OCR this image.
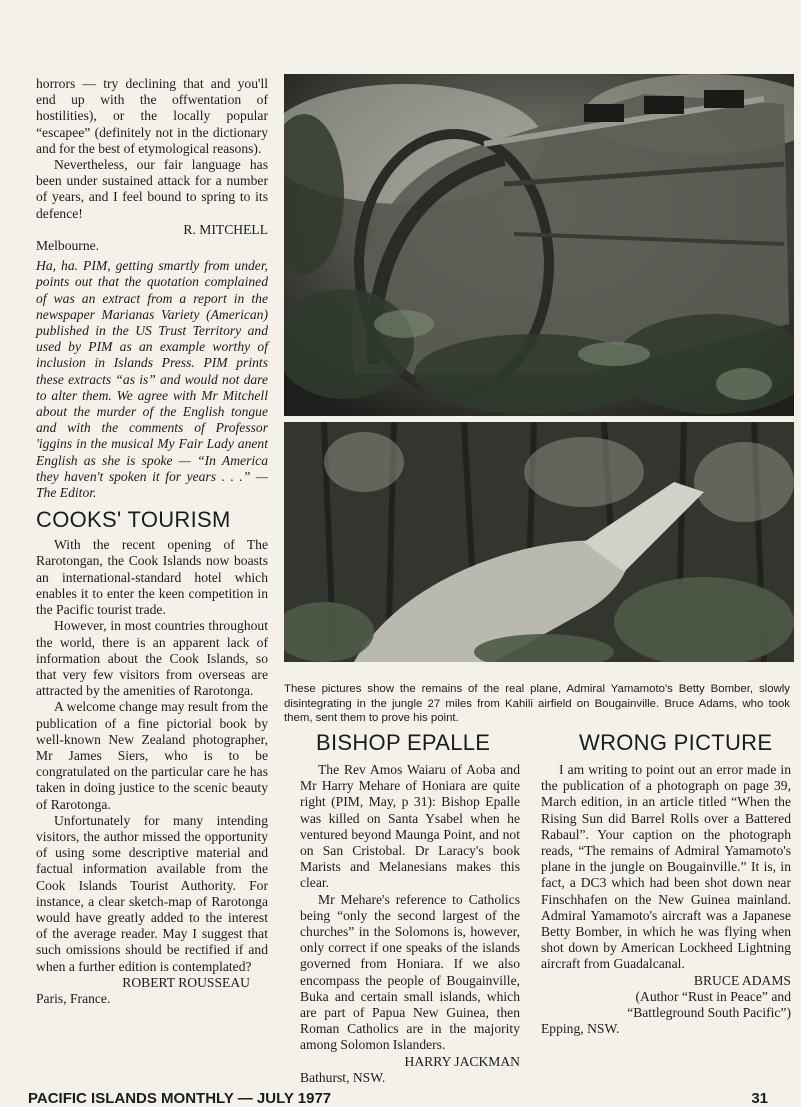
horrors — try declining that and you'll end up with the offwentation of hostilities), or the locally popular “escapee” (definitely not in the dictionary and for the best of etymological reasons).

Nevertheless, our fair language has been under sustained attack for a number of years, and I feel bound to spring to its defence!

R. MITCHELL

Melbourne.

Ha, ha. PIM, getting smartly from under, points out that the quotation complained of was an extract from a report in the newspaper Marianas Variety (American) published in the US Trust Territory and used by PIM as an example worthy of inclusion in Islands Press. PIM prints these extracts “as is” and would not dare to alter them. We agree with Mr Mitchell about the murder of the English tongue and with the comments of Professor 'iggins in the musical My Fair Lady anent English as she is spoke — “In America they haven't spoken it for years . . .” — The Editor.

COOKS' TOURISM

With the recent opening of The Rarotongan, the Cook Islands now boasts an international-standard hotel which enables it to enter the keen competition in the Pacific tourist trade.

However, in most countries throughout the world, there is an apparent lack of information about the Cook Islands, so that very few visitors from overseas are attracted by the amenities of Rarotonga.

A welcome change may result from the publication of a fine pictorial book by well-known New Zealand photographer, Mr James Siers, who is to be congratulated on the particular care he has taken in doing justice to the scenic beauty of Rarotonga.

Unfortunately for many intending visitors, the author missed the opportunity of using some descriptive material and factual information available from the Cook Islands Tourist Authority. For instance, a clear sketch-map of Rarotonga would have greatly added to the interest of the average reader. May I suggest that such omissions should be rectified if and when a further edition is contemplated?

ROBERT ROUSSEAU

Paris, France.

These pictures show the remains of the real plane, Admiral Yamamoto's Betty Bomber, slowly disintegrating in the jungle 27 miles from Kahili airfield on Bougainville. Bruce Adams, who took them, sent them to prove his point.

BISHOP EPALLE

The Rev Amos Waiaru of Aoba and Mr Harry Mehare of Honiara are quite right (PIM, May, p 31): Bishop Epalle was killed on Santa Ysabel when he ventured beyond Maunga Point, and not on San Cristobal. Dr Laracy's book Marists and Melanesians makes this clear.

Mr Mehare's reference to Catholics being “only the second largest of the churches” in the Solomons is, however, only correct if one speaks of the islands governed from Honiara. If we also encompass the people of Bougainville, Buka and certain small islands, which are part of Papua New Guinea, then Roman Catholics are in the majority among Solomon Islanders.

HARRY JACKMAN

Bathurst, NSW.

WRONG PICTURE

I am writing to point out an error made in the publication of a photograph on page 39, March edition, in an article titled “When the Rising Sun did Barrel Rolls over a Battered Rabaul”. Your caption on the photograph reads, “The remains of Admiral Yamamoto's plane in the jungle on Bougainville.” It is, in fact, a DC3 which had been shot down near Finschhafen on the New Guinea mainland. Admiral Yamamoto's aircraft was a Japanese Betty Bomber, in which he was flying when shot down by American Lockheed Lightning aircraft from Guadalcanal.

BRUCE ADAMS

(Author “Rust in Peace” and

“Battleground South Pacific”)

Epping, NSW.

PACIFIC ISLANDS MONTHLY — JULY 1977	31
